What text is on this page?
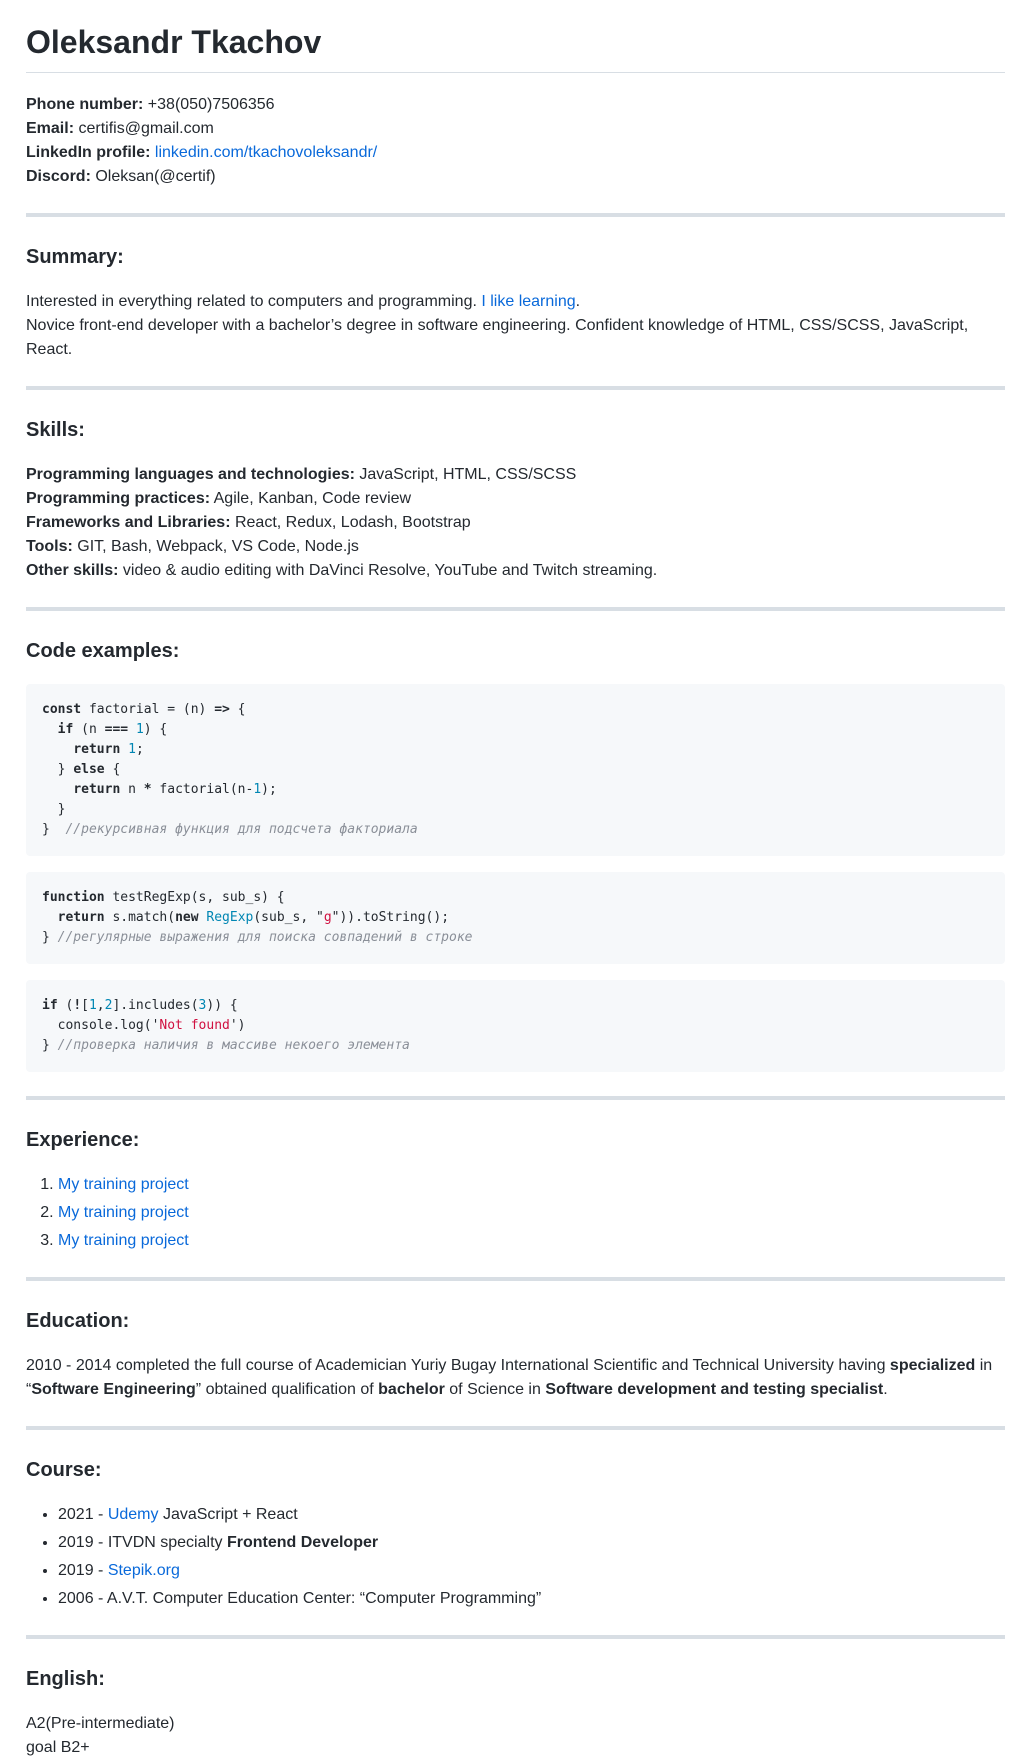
Oleksandr Tkachov

Phone number: +38(050)7506356

Email: certifis@gmail.com

LinkedIn profile: linkedin.com/tkachovoleksandr/

Discord: Oleksan(@certif)

Summary:

Interested in everything related to computers and programming. I like learning.

Novice front-end developer with a bachelor’s degree in software engineering. Confident knowledge of HTML, CSS/SCSS, JavaScript, React.

Skills:

Programming languages and technologies: JavaScript, HTML, CSS/SCSS

Programming practices: Agile, Kanban, Code review

Frameworks and Libraries: React, Redux, Lodash, Bootstrap

Tools: GIT, Bash, Webpack, VS Code, Node.js

Other skills: video & audio editing with DaVinci Resolve, YouTube and Twitch streaming.

Code examples:
const factorial = (n) => {
if (n === 1) {
return 1;
} else {
return n * factorial(n-1);
}
} //рекурсивная функция для подсчета факториала
function testRegExp(s, sub_s) {
return s.match(new RegExp(sub_s, "g")).toString();
} //регулярные выражения для поиска совпадений в строке
if (![1,2].includes(3)) {
console.log('Not found')
} //проверка наличия в массиве некоего элемента
Experience:
1. My training project
2. My training project
3. My training project
Education:

2010 - 2014 completed the full course of Academician Yuriy Bugay International Scientific and Technical University having specialized in “Software Engineering” obtained qualification of bachelor of Science in Software development and testing specialist.

Course:
• 2021 - Udemy JavaScript + React
• 2019 - ITVDN specialty Frontend Developer
• 2019 - Stepik.org
• 2006 - A.V.T. Computer Education Center: “Computer Programming”
English:

A2(Pre-intermediate)

goal B2+
